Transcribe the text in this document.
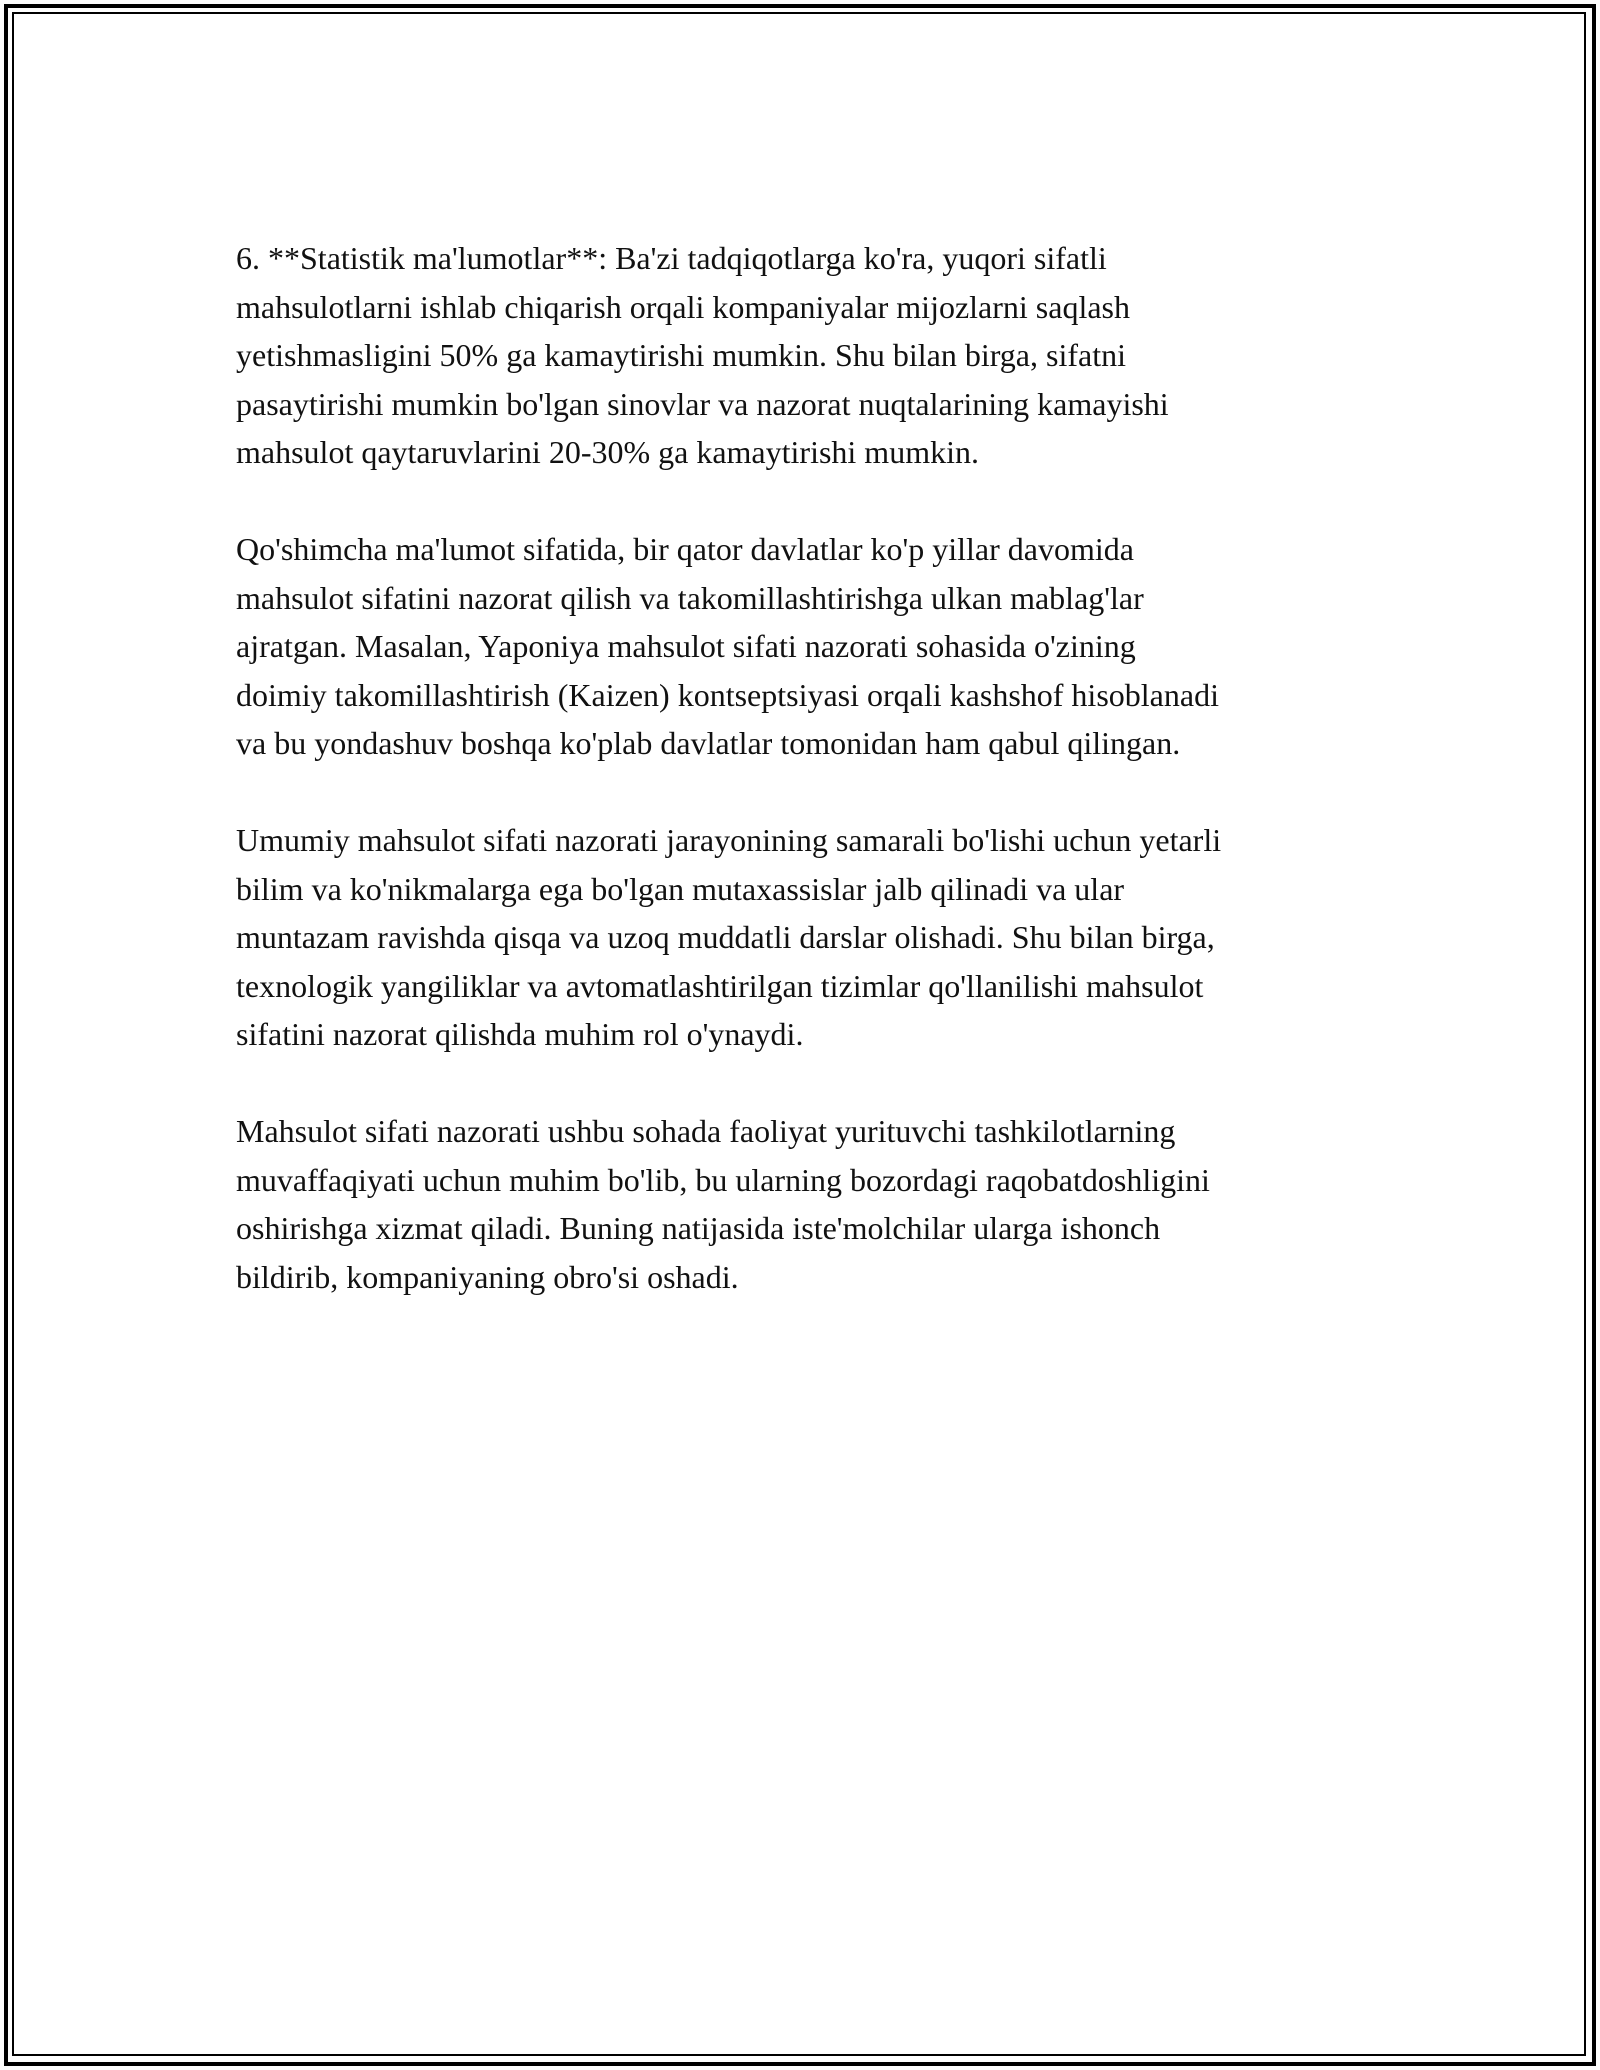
6. **Statistik ma'lumotlar**: Ba'zi tadqiqotlarga ko'ra, yuqori sifatli
mahsulotlarni ishlab chiqarish orqali kompaniyalar mijozlarni saqlash
yetishmasligini 50% ga kamaytirishi mumkin. Shu bilan birga, sifatni
pasaytirishi mumkin bo'lgan sinovlar va nazorat nuqtalarining kamayishi
mahsulot qaytaruvlarini 20-30% ga kamaytirishi mumkin.

Qo'shimcha ma'lumot sifatida, bir qator davlatlar ko'p yillar davomida
mahsulot sifatini nazorat qilish va takomillashtirishga ulkan mablag'lar
ajratgan. Masalan, Yaponiya mahsulot sifati nazorati sohasida o'zining
doimiy takomillashtirish (Kaizen) kontseptsiyasi orqali kashshof hisoblanadi
va bu yondashuv boshqa ko'plab davlatlar tomonidan ham qabul qilingan.

Umumiy mahsulot sifati nazorati jarayonining samarali bo'lishi uchun yetarli
bilim va ko'nikmalarga ega bo'lgan mutaxassislar jalb qilinadi va ular
muntazam ravishda qisqa va uzoq muddatli darslar olishadi. Shu bilan birga,
texnologik yangiliklar va avtomatlashtirilgan tizimlar qo'llanilishi mahsulot
sifatini nazorat qilishda muhim rol o'ynaydi.

Mahsulot sifati nazorati ushbu sohada faoliyat yurituvchi tashkilotlarning
muvaffaqiyati uchun muhim bo'lib, bu ularning bozordagi raqobatdoshligini
oshirishga xizmat qiladi. Buning natijasida iste'molchilar ularga ishonch
bildirib, kompaniyaning obro'si oshadi.
